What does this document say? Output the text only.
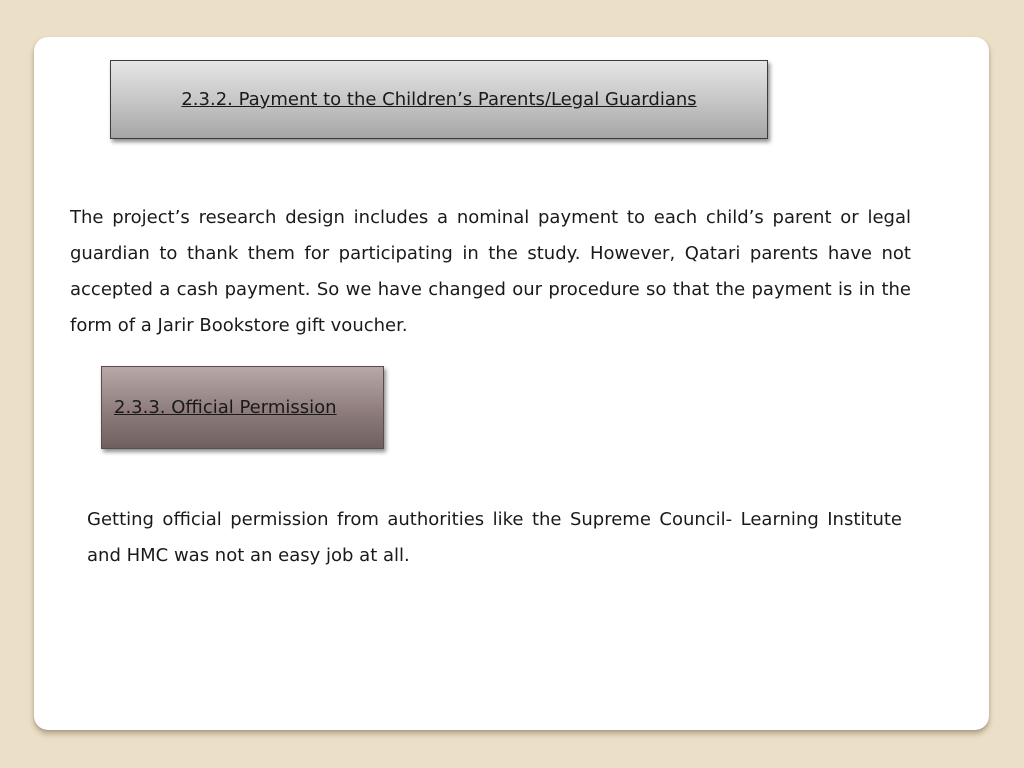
2.3.2. Payment to the Children’s Parents/Legal Guardians

The project’s research design includes a nominal payment to each child’s parent or legal guardian to thank them for participating in the study. However, Qatari parents have not accepted a cash payment. So we have changed our procedure so that the payment is in the form of a Jarir Bookstore gift voucher.

2.3.3. Official Permission

Getting official permission from authorities like the Supreme Council- Learning Institute and HMC was not an easy job at all.
